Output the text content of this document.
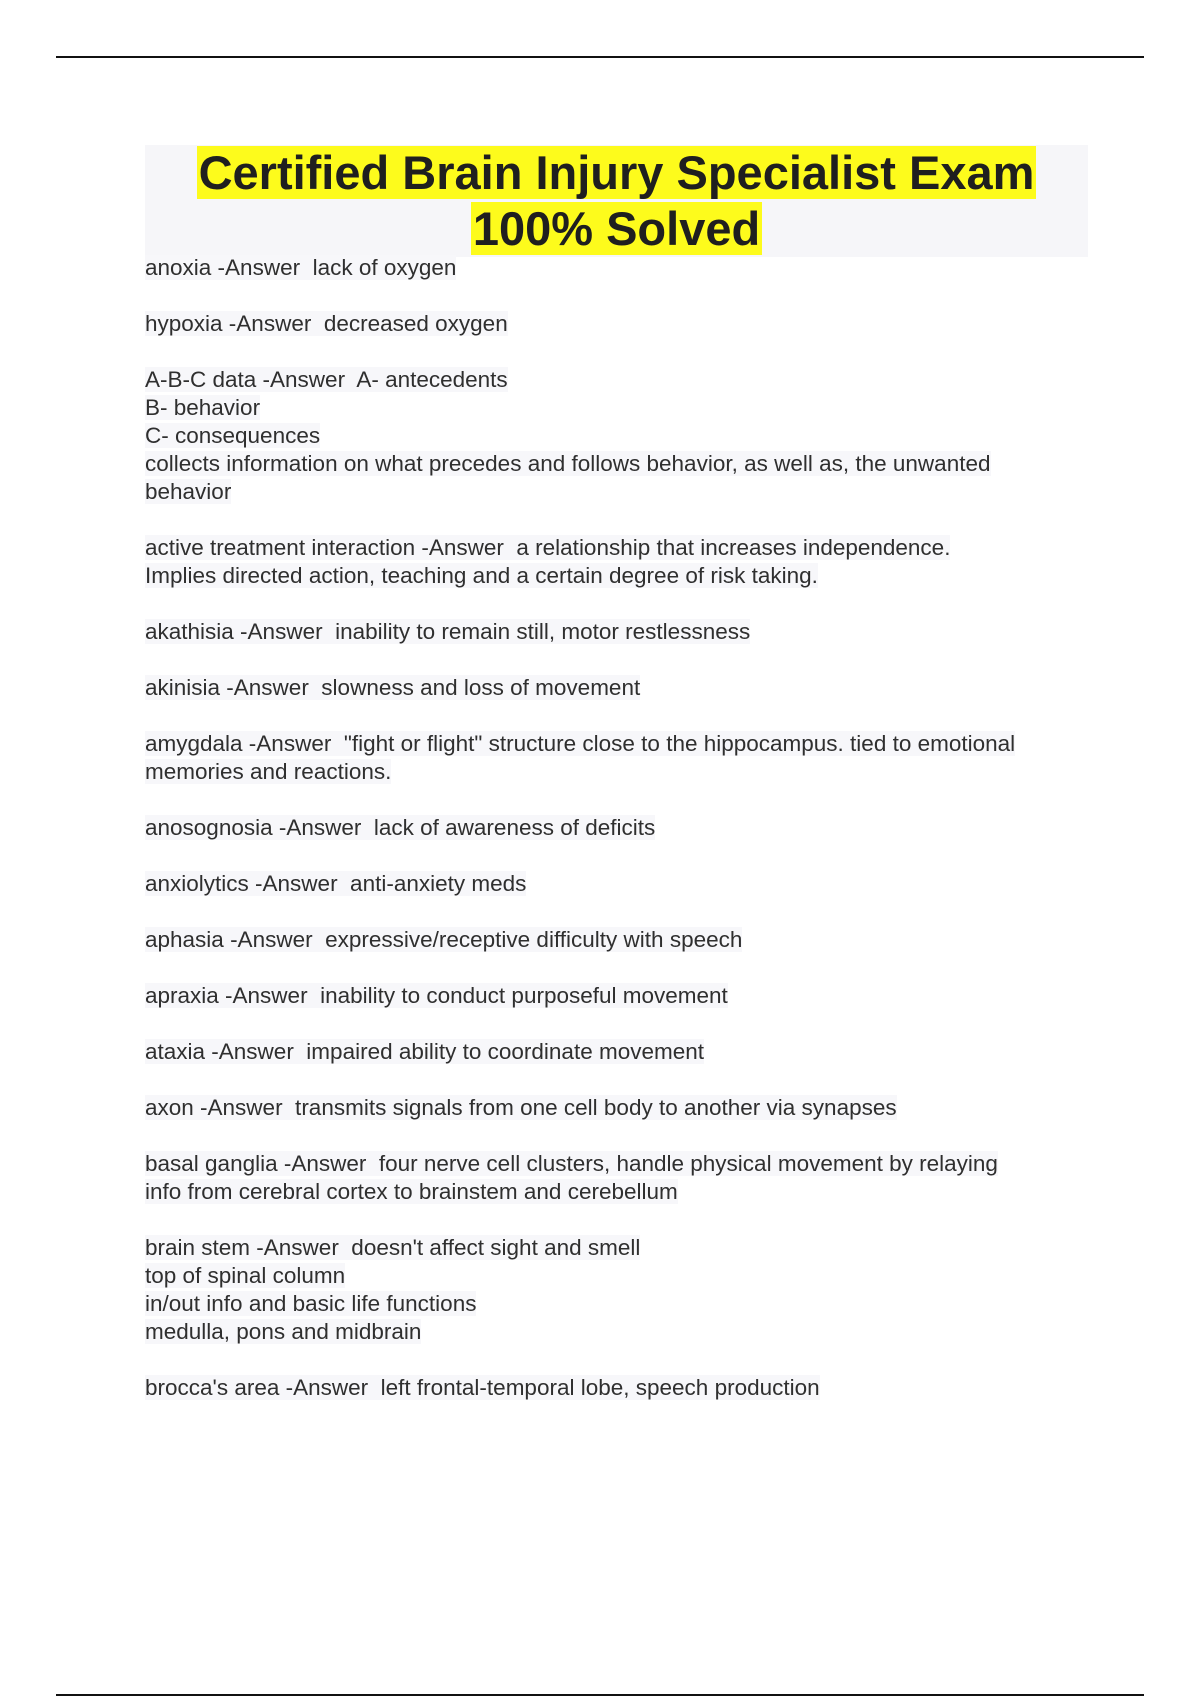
Certified Brain Injury Specialist Exam
100% Solved
anoxia -Answer  lack of oxygen
hypoxia -Answer  decreased oxygen
A-B-C data -Answer  A- antecedents
B- behavior
C- consequences
collects information on what precedes and follows behavior, as well as, the unwanted
behavior
active treatment interaction -Answer  a relationship that increases independence.
Implies directed action, teaching and a certain degree of risk taking.
akathisia -Answer  inability to remain still, motor restlessness
akinisia -Answer  slowness and loss of movement
amygdala -Answer  "fight or flight" structure close to the hippocampus. tied to emotional
memories and reactions.
anosognosia -Answer  lack of awareness of deficits
anxiolytics -Answer  anti-anxiety meds
aphasia -Answer  expressive/receptive difficulty with speech
apraxia -Answer  inability to conduct purposeful movement
ataxia -Answer  impaired ability to coordinate movement
axon -Answer  transmits signals from one cell body to another via synapses
basal ganglia -Answer  four nerve cell clusters, handle physical movement by relaying
info from cerebral cortex to brainstem and cerebellum
brain stem -Answer  doesn't affect sight and smell
top of spinal column
in/out info and basic life functions
medulla, pons and midbrain
brocca's area -Answer  left frontal-temporal lobe, speech production
